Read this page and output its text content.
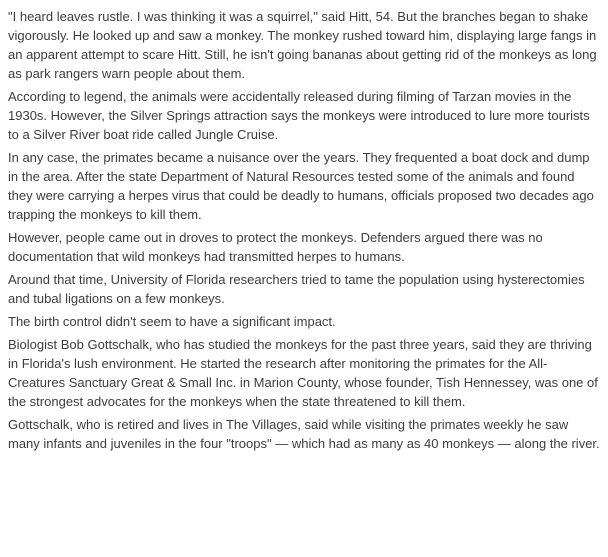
"I heard leaves rustle. I was thinking it was a squirrel," said Hitt, 54. But the branches began to shake vigorously. He looked up and saw a monkey. The monkey rushed toward him, displaying large fangs in an apparent attempt to scare Hitt. Still, he isn't going bananas about getting rid of the monkeys as long as park rangers warn people about them.

According to legend, the animals were accidentally released during filming of Tarzan movies in the 1930s. However, the Silver Springs attraction says the monkeys were introduced to lure more tourists to a Silver River boat ride called Jungle Cruise.

In any case, the primates became a nuisance over the years. They frequented a boat dock and dump in the area. After the state Department of Natural Resources tested some of the animals and found they were carrying a herpes virus that could be deadly to humans, officials proposed two decades ago trapping the monkeys to kill them.

However, people came out in droves to protect the monkeys. Defenders argued there was no documentation that wild monkeys had transmitted herpes to humans.

Around that time, University of Florida researchers tried to tame the population using hysterectomies and tubal ligations on a few monkeys.

The birth control didn't seem to have a significant impact.

Biologist Bob Gottschalk, who has studied the monkeys for the past three years, said they are thriving in Florida's lush environment. He started the research after monitoring the primates for the All-Creatures Sanctuary Great & Small Inc. in Marion County, whose founder, Tish Hennessey, was one of the strongest advocates for the monkeys when the state threatened to kill them.

Gottschalk, who is retired and lives in The Villages, said while visiting the primates weekly he saw many infants and juveniles in the four "troops" — which had as many as 40 monkeys — along the river.
